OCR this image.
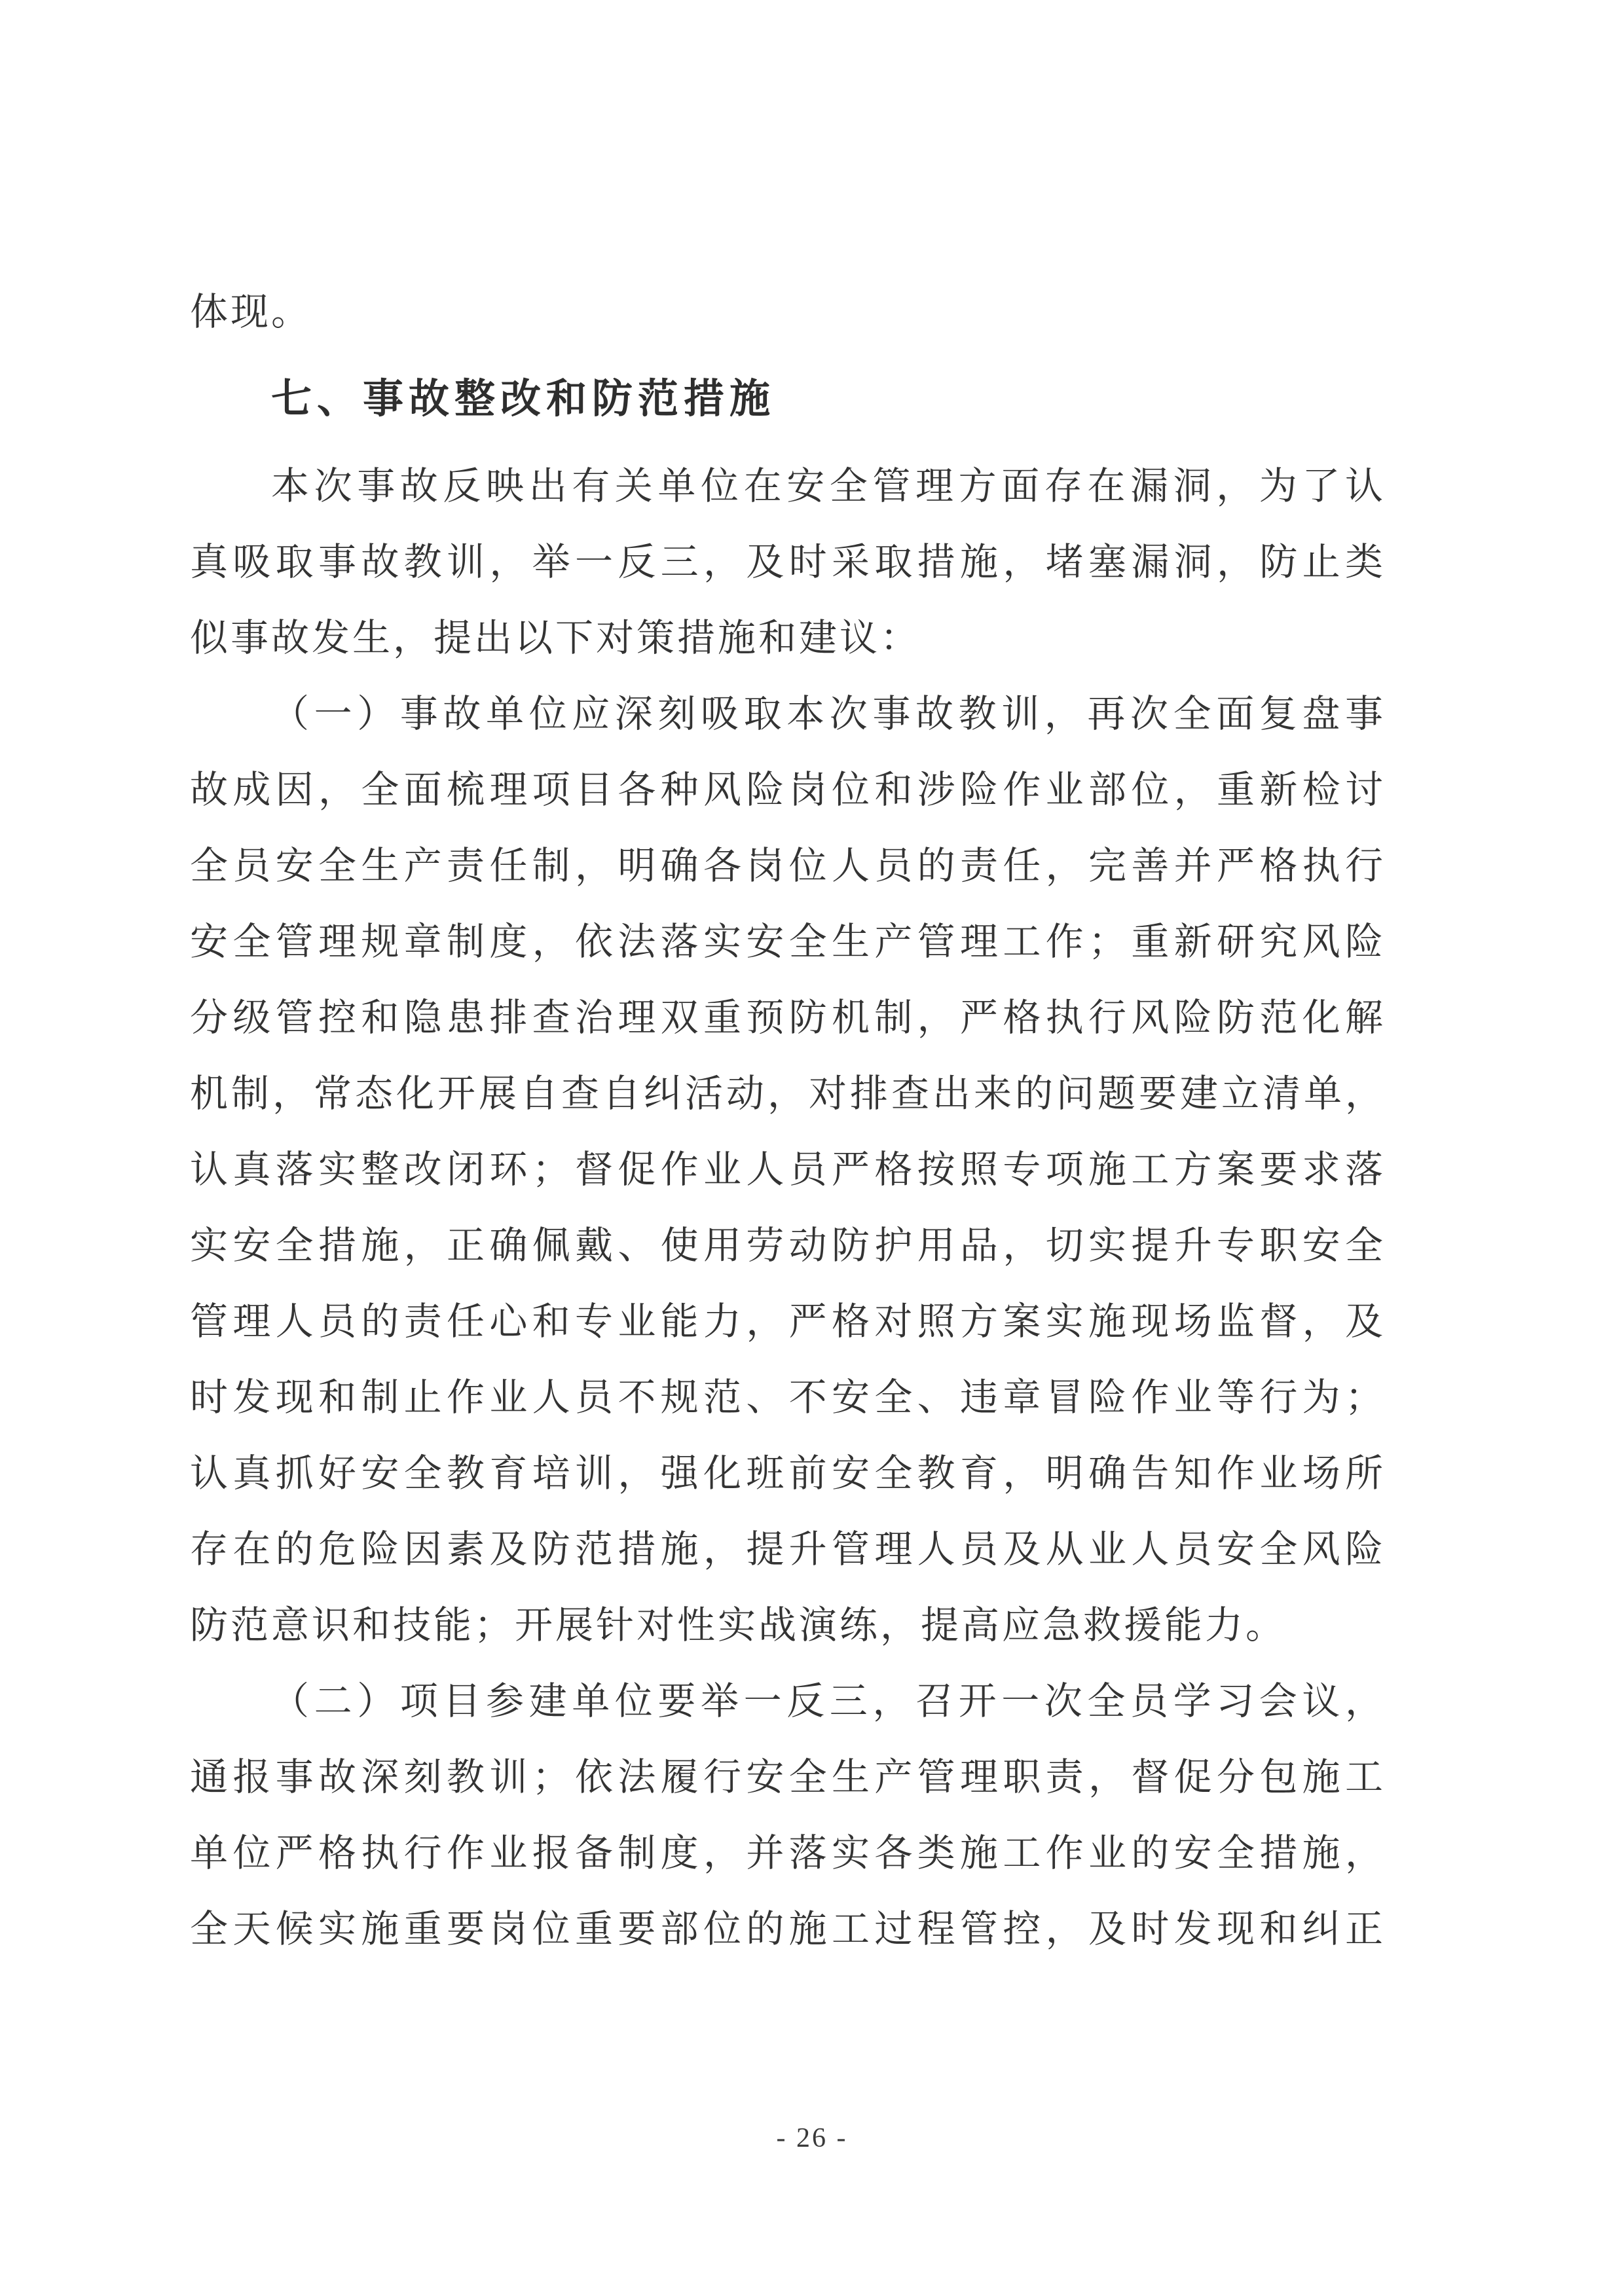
体现。
七、事故整改和防范措施
本次事故反映出有关单位在安全管理方面存在漏洞，为了认
真吸取事故教训，举一反三，及时采取措施，堵塞漏洞，防止类
似事故发生，提出以下对策措施和建议：
（一）事故单位应深刻吸取本次事故教训，再次全面复盘事
故成因，全面梳理项目各种风险岗位和涉险作业部位，重新检讨
全员安全生产责任制，明确各岗位人员的责任，完善并严格执行
安全管理规章制度，依法落实安全生产管理工作；重新研究风险
分级管控和隐患排查治理双重预防机制，严格执行风险防范化解
机制，常态化开展自查自纠活动，对排查出来的问题要建立清单，
认真落实整改闭环；督促作业人员严格按照专项施工方案要求落
实安全措施，正确佩戴、使用劳动防护用品，切实提升专职安全
管理人员的责任心和专业能力，严格对照方案实施现场监督，及
时发现和制止作业人员不规范、不安全、违章冒险作业等行为；
认真抓好安全教育培训，强化班前安全教育，明确告知作业场所
存在的危险因素及防范措施，提升管理人员及从业人员安全风险
防范意识和技能；开展针对性实战演练，提高应急救援能力。
（二）项目参建单位要举一反三，召开一次全员学习会议，
通报事故深刻教训；依法履行安全生产管理职责，督促分包施工
单位严格执行作业报备制度，并落实各类施工作业的安全措施，
全天候实施重要岗位重要部位的施工过程管控，及时发现和纠正
- 26 -
